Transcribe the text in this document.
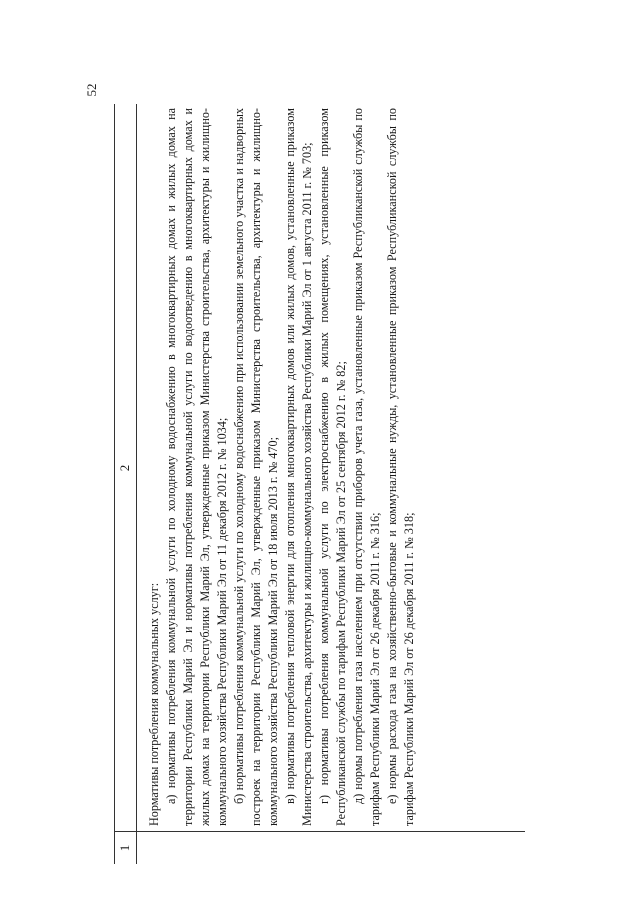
52
1
2

Нормативы потребления коммунальных услуг: а) нормативы потребления коммунальной услуги по холодному водоснабжению в многоквартирных домах и жилых домах на территории Республики Марий Эл и нормативы потребления коммунальной услуги по водоотведению в многоквартирных домах и жилых домах на территории Республики Марий Эл, утвержденные приказом Министерства строительства, архитектуры и жилищно-коммунального хозяйства Республики Марий Эл от 11 декабря 2012 г. № 1034; б) нормативы потребления коммунальной услуги по холодному водоснабжению при использовании земельного участка и надворных построек на территории Республики Марий Эл, утвержденные приказом Министерства строительства, архитектуры и жилищно-коммунального хозяйства Республики Марий Эл от 18 июля 2013 г. № 470; в) нормативы потребления тепловой энергии для отопления многоквартирных домов или жилых домов, установленные приказом Министерства строительства, архитектуры и жилищно-коммунального хозяйства Республики Марий Эл от 1 августа 2011 г. № 703; г) нормативы потребления коммунальной услуги по электроснабжению в жилых помещениях, установленные приказом Республиканской службы по тарифам Республики Марий Эл от 25 сентября 2012 г. № 82; д) нормы потребления газа населением при отсутствии приборов учета газа, установленные приказом Республиканской службы по тарифам Республики Марий Эл от 26 декабря 2011 г. № 316; е) нормы расхода газа на хозяйственно-бытовые и коммунальные нужды, установленные приказом Республиканской службы по тарифам Республики Марий Эл от 26 декабря 2011 г. № 318;
